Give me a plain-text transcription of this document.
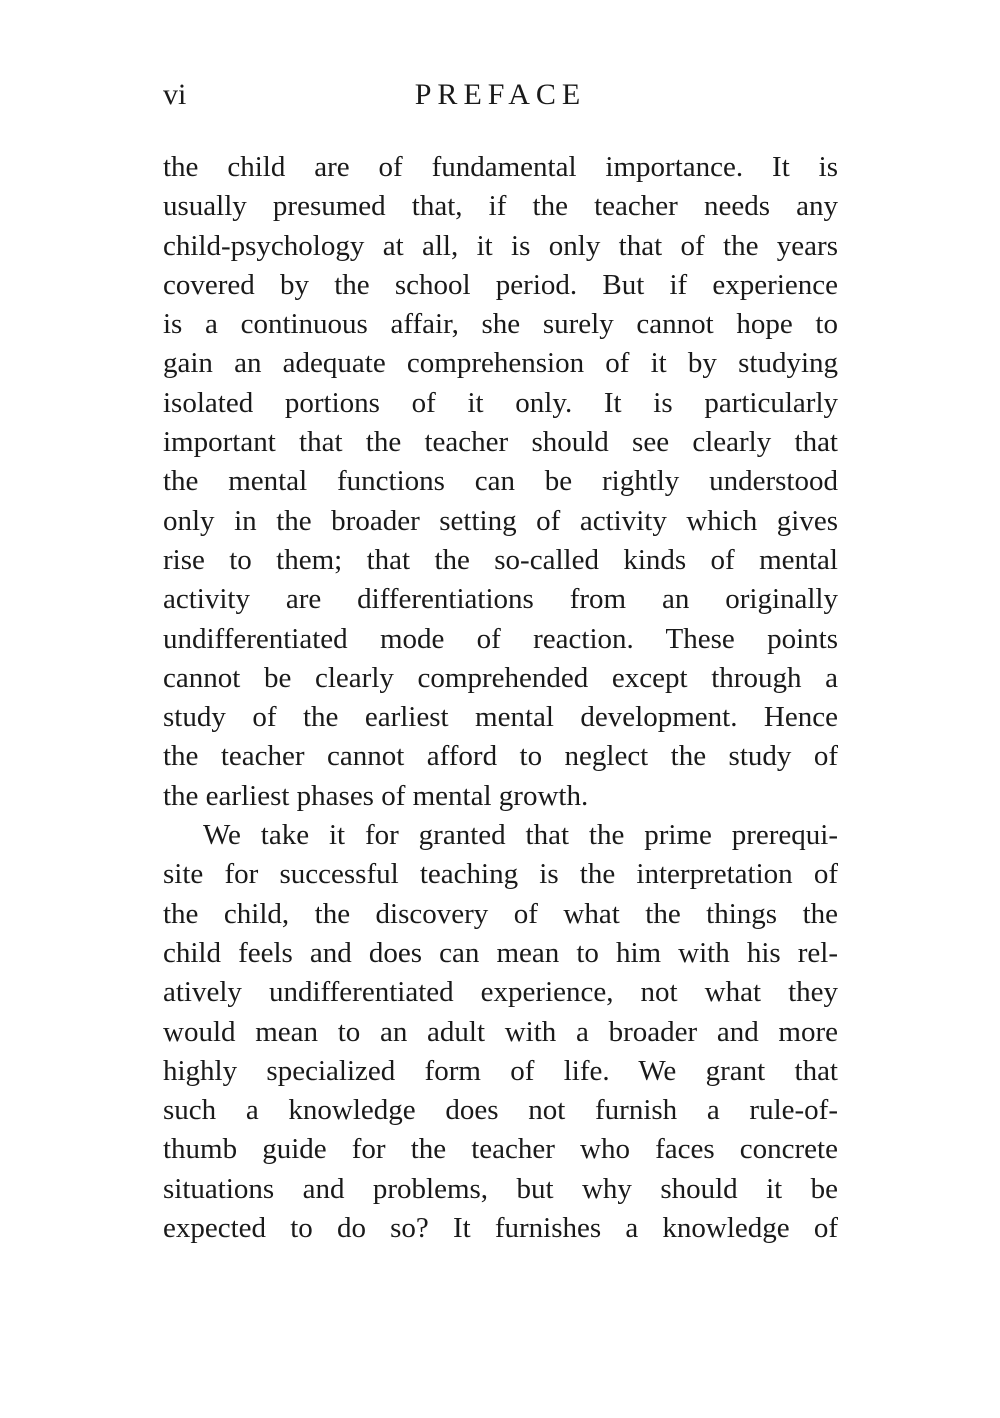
vi	PREFACE
the child are of fundamental importance. It is
usually presumed that, if the teacher needs any
child-psychology at all, it is only that of the years
covered by the school period. But if experience
is a continuous affair, she surely cannot hope to
gain an adequate comprehension of it by studying
isolated portions of it only. It is particularly
important that the teacher should see clearly that
the mental functions can be rightly understood
only in the broader setting of activity which gives
rise to them; that the so-called kinds of mental
activity are differentiations from an originally
undifferentiated mode of reaction. These points
cannot be clearly comprehended except through a
study of the earliest mental development. Hence
the teacher cannot afford to neglect the study of
the earliest phases of mental growth.
We take it for granted that the prime prerequi-
site for successful teaching is the interpretation of
the child, the discovery of what the things the
child feels and does can mean to him with his rel-
atively undifferentiated experience, not what they
would mean to an adult with a broader and more
highly specialized form of life. We grant that
such a knowledge does not furnish a rule-of-
thumb guide for the teacher who faces concrete
situations and problems, but why should it be
expected to do so? It furnishes a knowledge of
